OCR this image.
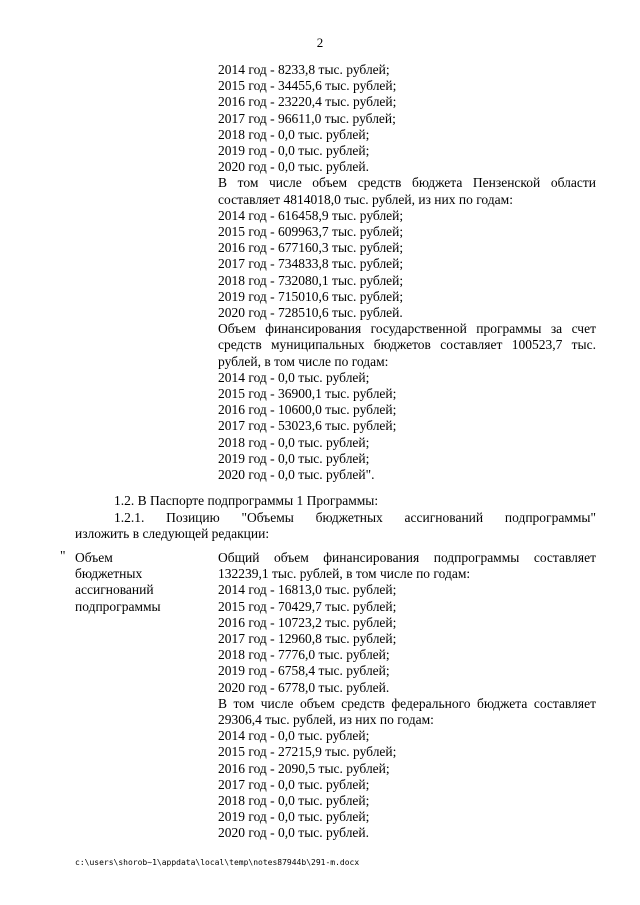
2
2014 год - 8233,8 тыс. рублей;
2015 год - 34455,6 тыс. рублей;
2016 год - 23220,4 тыс. рублей;
2017 год - 96611,0 тыс. рублей;
2018 год - 0,0 тыс. рублей;
2019 год - 0,0 тыс. рублей;
2020 год - 0,0 тыс. рублей.
В том числе объем средств бюджета Пензенской области составляет 4814018,0 тыс. рублей, из них по годам:
2014 год - 616458,9 тыс. рублей;
2015 год - 609963,7 тыс. рублей;
2016 год - 677160,3 тыс. рублей;
2017 год - 734833,8 тыс. рублей;
2018 год - 732080,1 тыс. рублей;
2019 год - 715010,6 тыс. рублей;
2020 год - 728510,6 тыс. рублей.
Объем финансирования государственной программы за счет средств муниципальных бюджетов составляет 100523,7 тыс. рублей, в том числе по годам:
2014 год - 0,0 тыс. рублей;
2015 год - 36900,1 тыс. рублей;
2016 год - 10600,0 тыс. рублей;
2017 год - 53023,6 тыс. рублей;
2018 год - 0,0 тыс. рублей;
2019 год - 0,0 тыс. рублей;
2020 год - 0,0 тыс. рублей".
1.2. В Паспорте подпрограммы 1 Программы:
1.2.1. Позицию "Объемы бюджетных ассигнований подпрограммы"
изложить в следующей редакции:
" Объем
бюджетных
ассигнований
подпрограммы
Общий объем финансирования подпрограммы составляет 132239,1 тыс. рублей, в том числе по годам:
2014 год - 16813,0 тыс. рублей;
2015 год - 70429,7 тыс. рублей;
2016 год - 10723,2 тыс. рублей;
2017 год - 12960,8 тыс. рублей;
2018 год - 7776,0 тыс. рублей;
2019 год - 6758,4 тыс. рублей;
2020 год - 6778,0 тыс. рублей.
В том числе объем средств федерального бюджета составляет 29306,4 тыс. рублей, из них по годам:
2014 год - 0,0 тыс. рублей;
2015 год - 27215,9 тыс. рублей;
2016 год - 2090,5 тыс. рублей;
2017 год - 0,0 тыс. рублей;
2018 год - 0,0 тыс. рублей;
2019 год - 0,0 тыс. рублей;
2020 год - 0,0 тыс. рублей.
c:\users\shorob~1\appdata\local\temp\notes87944b\291-m.docx
